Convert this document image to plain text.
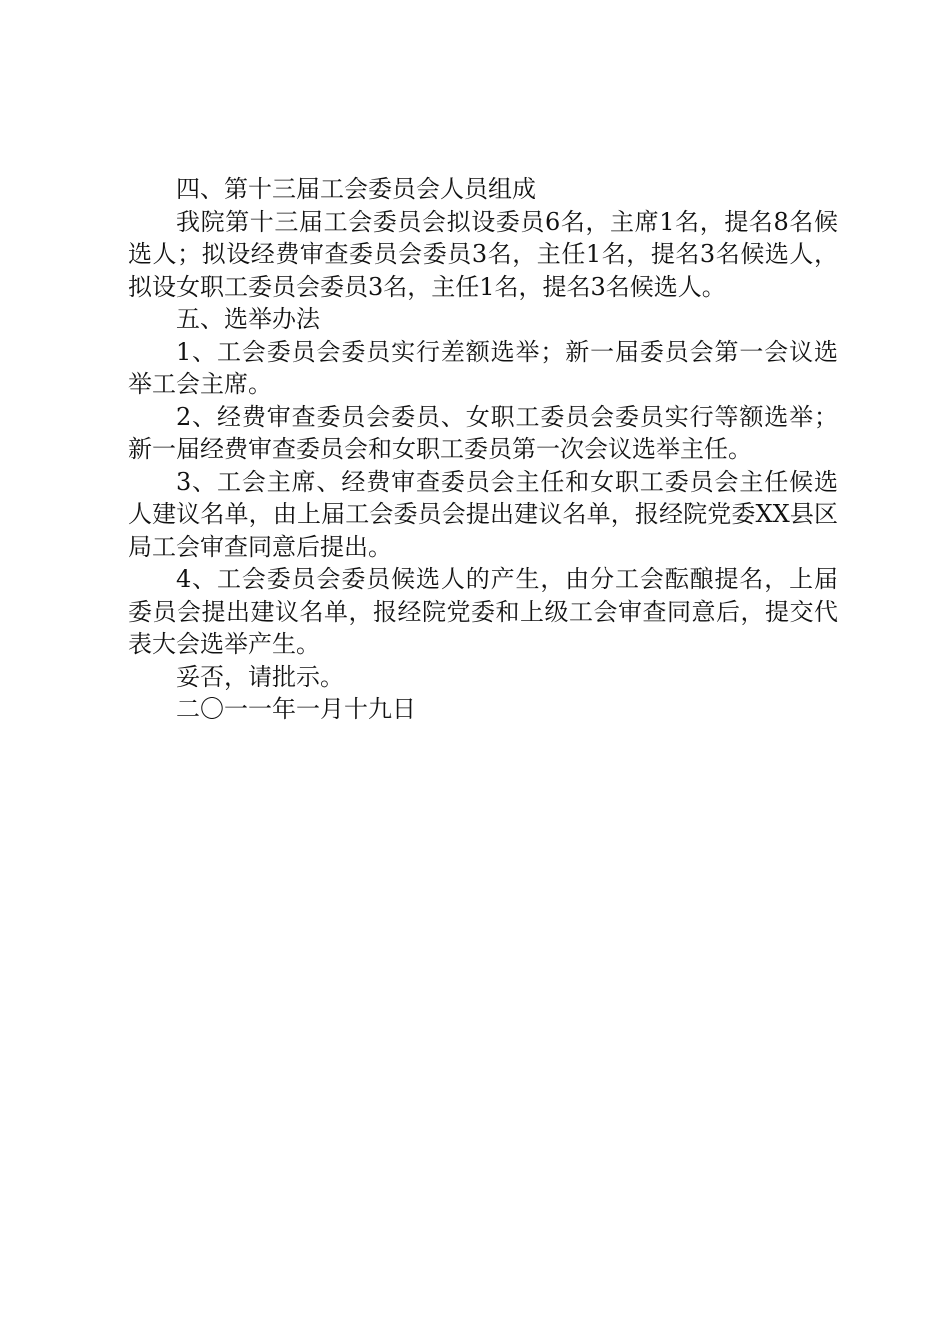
四、第十三届工会委员会人员组成

我院第十三届工会委员会拟设委员6名，主席1名，提名8名候选人；拟设经费审查委员会委员3名，主任1名，提名3名候选人，拟设女职工委员会委员3名，主任1名，提名3名候选人。

五、选举办法

1、工会委员会委员实行差额选举；新一届委员会第一会议选举工会主席。

2、经费审查委员会委员、女职工委员会委员实行等额选举；新一届经费审查委员会和女职工委员第一次会议选举主任。

3、工会主席、经费审查委员会主任和女职工委员会主任候选人建议名单，由上届工会委员会提出建议名单，报经院党委XX县区局工会审查同意后提出。

4、工会委员会委员候选人的产生，由分工会酝酿提名，上届委员会提出建议名单，报经院党委和上级工会审查同意后，提交代表大会选举产生。

妥否，请批示。

二〇一一年一月十九日
